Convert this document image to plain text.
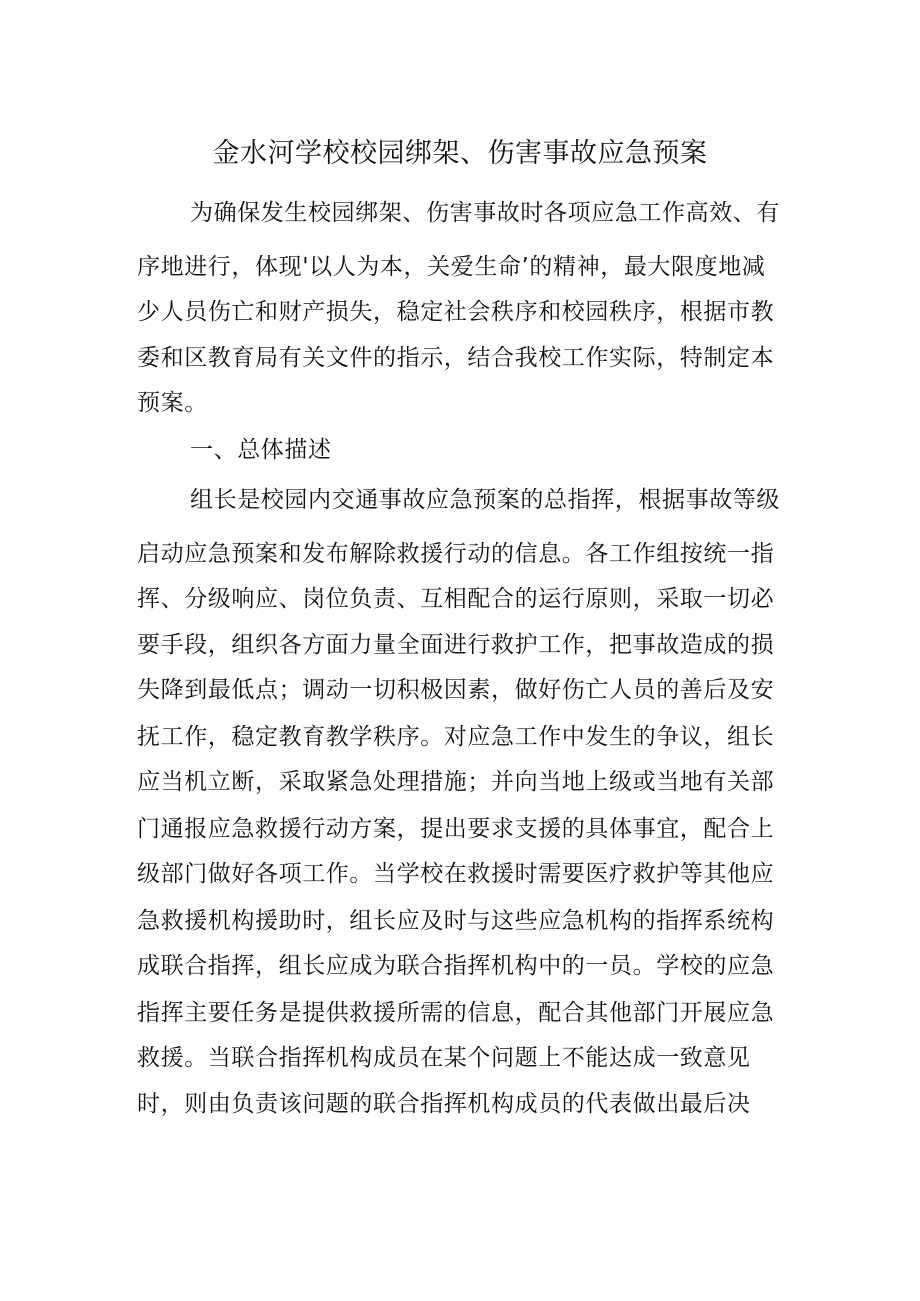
金水河学校校园绑架、伤害事故应急预案
为确保发生校园绑架、伤害事故时各项应急工作高效、有
序地进行，体现'以人为本，关爱生命’的精神，最大限度地减
少人员伤亡和财产损失，稳定社会秩序和校园秩序，根据市教
委和区教育局有关文件的指示，结合我校工作实际，特制定本
预案。
一、总体描述
组长是校园内交通事故应急预案的总指挥，根据事故等级
启动应急预案和发布解除救援行动的信息。各工作组按统一指
挥、分级响应、岗位负责、互相配合的运行原则，采取一切必
要手段，组织各方面力量全面进行救护工作，把事故造成的损
失降到最低点；调动一切积极因素，做好伤亡人员的善后及安
抚工作，稳定教育教学秩序。对应急工作中发生的争议，组长
应当机立断，采取紧急处理措施；并向当地上级或当地有关部
门通报应急救援行动方案，提出要求支援的具体事宜，配合上
级部门做好各项工作。当学校在救援时需要医疗救护等其他应
急救援机构援助时，组长应及时与这些应急机构的指挥系统构
成联合指挥，组长应成为联合指挥机构中的一员。学校的应急
指挥主要任务是提供救援所需的信息，配合其他部门开展应急
救援。当联合指挥机构成员在某个问题上不能达成一致意见
时，则由负责该问题的联合指挥机构成员的代表做出最后决
